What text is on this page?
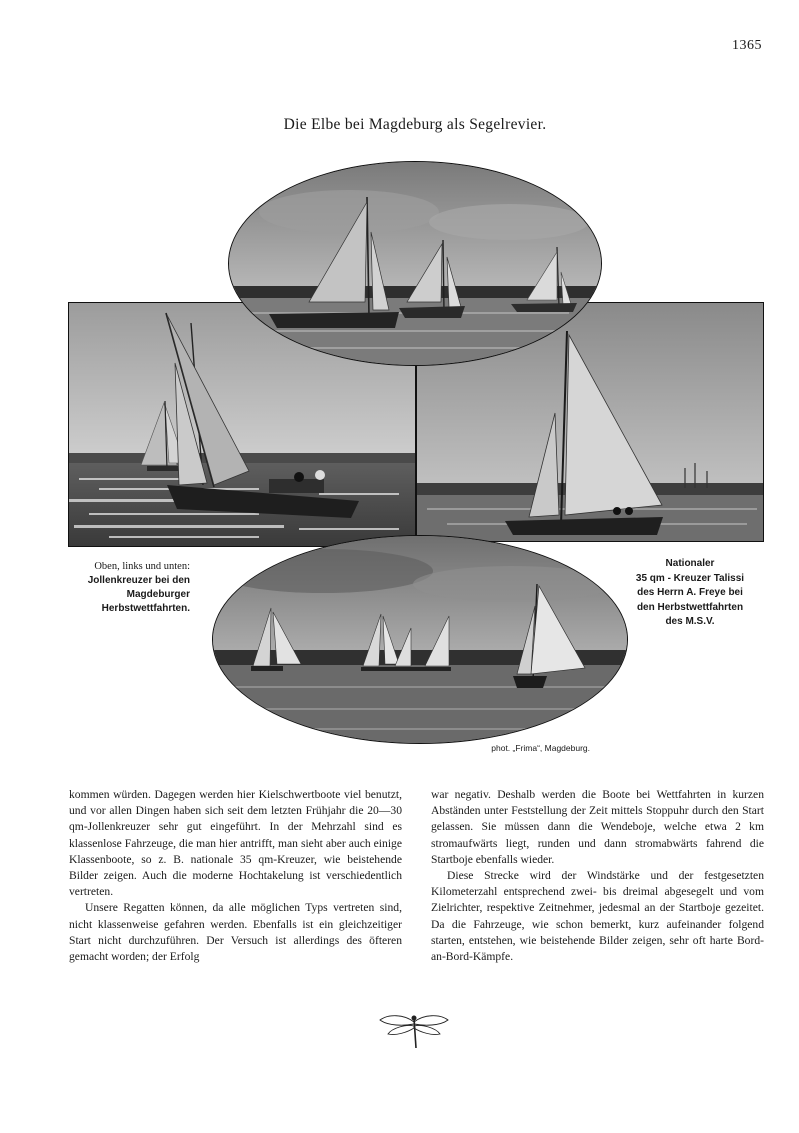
1365
Die Elbe bei Magdeburg als Segelrevier.
Oben, links und unten:
Jollenkreuzer bei den
Magdeburger
Herbstwettfahrten.
Nationaler
35 qm - Kreuzer Talissi
des Herrn A. Freye bei
den Herbstwettfahrten
des M.S.V.
phot. „Frima“, Magdeburg.

kommen würden. Dagegen werden hier Kielschwertboote viel benutzt, und vor allen Dingen haben sich seit dem letzten Frühjahr die 20—30 qm-Jollenkreuzer sehr gut eingeführt. In der Mehrzahl sind es klassenlose Fahrzeuge, die man hier antrifft, man sieht aber auch einige Klassenboote, so z. B. nationale 35 qm-Kreuzer, wie beistehende Bilder zeigen. Auch die moderne Hochtakelung ist verschiedentlich vertreten.

Unsere Regatten können, da alle möglichen Typs vertreten sind, nicht klassenweise gefahren werden. Ebenfalls ist ein gleichzeitiger Start nicht durchzuführen. Der Versuch ist allerdings des öfteren gemacht worden; der Erfolg

war negativ. Deshalb werden die Boote bei Wettfahrten in kurzen Abständen unter Feststellung der Zeit mittels Stoppuhr durch den Start gelassen. Sie müssen dann die Wendeboje, welche etwa 2 km stromaufwärts liegt, runden und dann stromabwärts fahrend die Startboje ebenfalls wieder.

Diese Strecke wird der Windstärke und der festgesetzten Kilometerzahl entsprechend zwei- bis dreimal abgesegelt und vom Zielrichter, respektive Zeitnehmer, jedesmal an der Startboje gezeitet. Da die Fahrzeuge, wie schon bemerkt, kurz aufeinander folgend starten, entstehen, wie beistehende Bilder zeigen, sehr oft harte Bord-an-Bord-Kämpfe.
